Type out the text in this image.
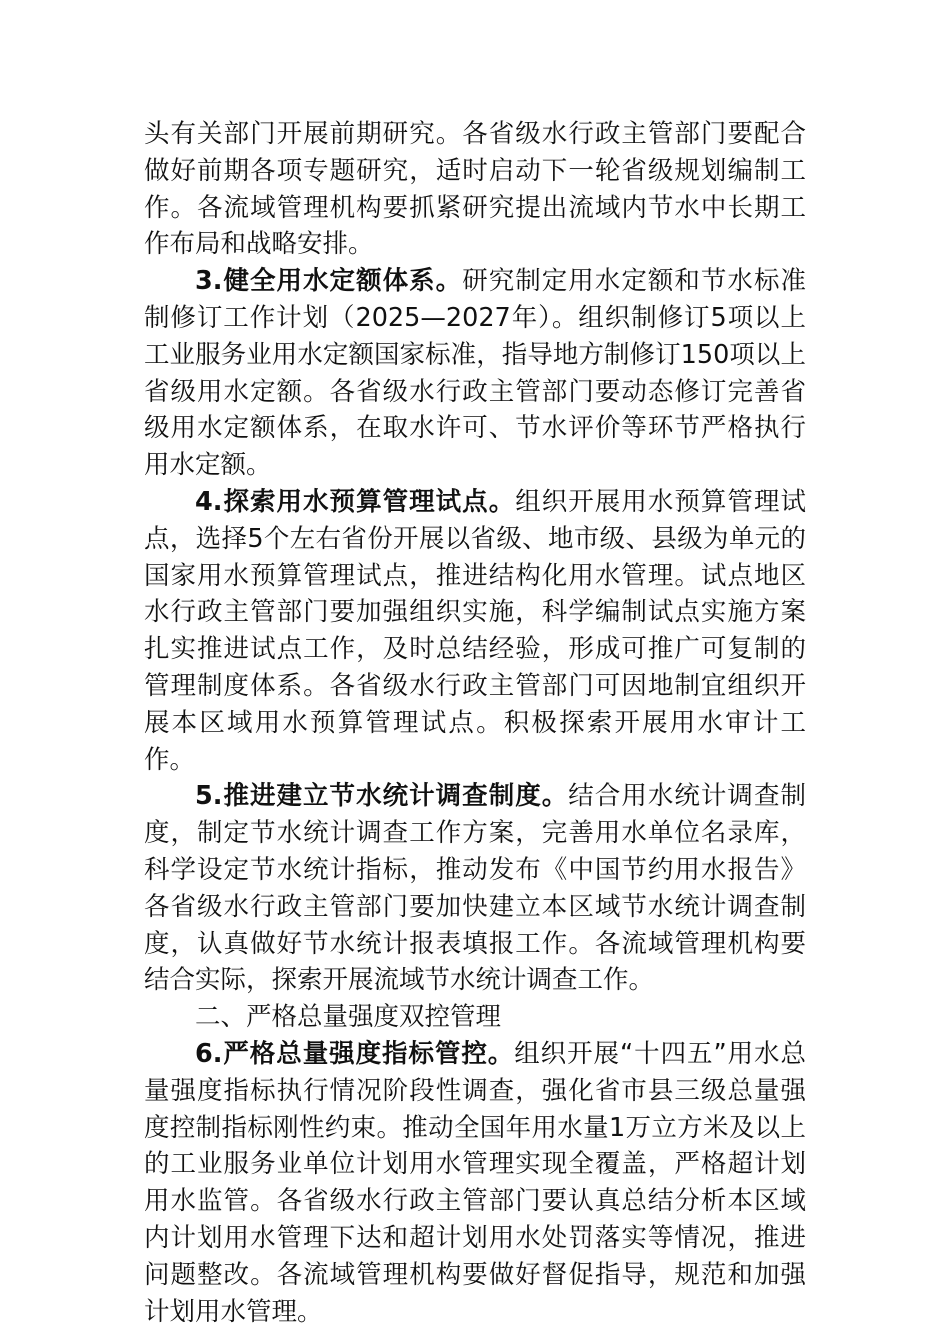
头有关部门开展前期研究。各省级水行政主管部门要配合做好前期各项专题研究，适时启动下一轮省级规划编制工作。各流域管理机构要抓紧研究提出流域内节水中长期工作布局和战略安排。

3.健全用水定额体系。研究制定用水定额和节水标准制修订工作计划（2025—2027年）。组织制修订5项以上工业服务业用水定额国家标准，指导地方制修订150项以上省级用水定额。各省级水行政主管部门要动态修订完善省级用水定额体系，在取水许可、节水评价等环节严格执行用水定额。

4.探索用水预算管理试点。组织开展用水预算管理试点，选择5个左右省份开展以省级、地市级、县级为单元的国家用水预算管理试点，推进结构化用水管理。试点地区水行政主管部门要加强组织实施，科学编制试点实施方案扎实推进试点工作，及时总结经验，形成可推广可复制的管理制度体系。各省级水行政主管部门可因地制宜组织开展本区域用水预算管理试点。积极探索开展用水审计工作。

5.推进建立节水统计调查制度。结合用水统计调查制度，制定节水统计调查工作方案，完善用水单位名录库，科学设定节水统计指标，推动发布《中国节约用水报告》各省级水行政主管部门要加快建立本区域节水统计调查制度，认真做好节水统计报表填报工作。各流域管理机构要结合实际，探索开展流域节水统计调查工作。

二、严格总量强度双控管理

6.严格总量强度指标管控。组织开展“十四五”用水总量强度指标执行情况阶段性调查，强化省市县三级总量强度控制指标刚性约束。推动全国年用水量1万立方米及以上的工业服务业单位计划用水管理实现全覆盖，严格超计划用水监管。各省级水行政主管部门要认真总结分析本区域内计划用水管理下达和超计划用水处罚落实等情况，推进问题整改。各流域管理机构要做好督促指导，规范和加强计划用水管理。
